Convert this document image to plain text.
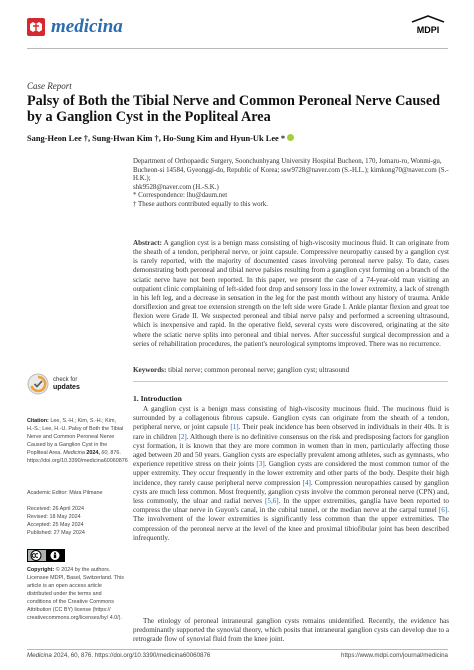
medicina	MDPI
Case Report
Palsy of Both the Tibial Nerve and Common Peroneal Nerve Caused by a Ganglion Cyst in the Popliteal Area
Sang-Heon Lee †, Sung-Hwan Kim †, Ho-Sung Kim and Hyun-Uk Lee *
Department of Orthopaedic Surgery, Soonchunhyang University Hospital Bucheon, 170, Jomaru-ro, Wonmi-gu,
Bucheon-si 14584, Gyeonggi-do, Republic of Korea; ssw9728@naver.com (S.-H.L.); kimkong70@naver.com (S.-H.K.);
shk9528@naver.com (H.-S.K.)
* Correspondence: lhu@daum.net
† These authors contributed equally to this work.
Abstract: A ganglion cyst is a benign mass consisting of high-viscosity mucinous fluid. It can originate from the sheath of a tendon, peripheral nerve, or joint capsule. Compressive neuropathy caused by a ganglion cyst is rarely reported, with the majority of documented cases involving peroneal nerve palsy. To date, cases demonstrating both peroneal and tibial nerve palsies resulting from a ganglion cyst forming on a branch of the sciatic nerve have not been reported. In this paper, we present the case of a 74-year-old man visiting an outpatient clinic complaining of left-sided foot drop and sensory loss in the lower extremity, a lack of strength in his left leg, and a decrease in sensation in the leg for the past month without any history of trauma. Ankle dorsiflexion and great toe extension strength on the left side were Grade I. Ankle plantar flexion and great toe flexion were Grade II. We suspected peroneal and tibial nerve palsy and performed a screening ultrasound, which is inexpensive and rapid. In the operative field, several cysts were discovered, originating at the site where the sciatic nerve splits into peroneal and tibial nerves. After successful surgical decompression and a series of rehabilitation procedures, the patient's neurological symptoms improved. There was no recurrence.
Keywords: tibial nerve; common peroneal nerve; ganglion cyst; ultrasound
check for
updates
Citation: Lee, S.-H.; Kim, S.-H.; Kim, H.-S.; Lee, H.-U. Palsy of Both the Tibial Nerve and Common Peroneal Nerve Caused by a Ganglion Cyst in the Popliteal Area. Medicina 2024, 60, 876. https://doi.org/10.3390/medicina60060876
Academic Editor: Mára Pilmane
Received: 26 April 2024
Revised: 18 May 2024
Accepted: 25 May 2024
Published: 27 May 2024
Copyright: © 2024 by the authors. Licensee MDPI, Basel, Switzerland. This article is an open access article distributed under the terms and conditions of the Creative Commons Attribution (CC BY) license (https:// creativecommons.org/licenses/by/ 4.0/).
1. Introduction
A ganglion cyst is a benign mass consisting of high-viscosity mucinous fluid. The mucinous fluid is surrounded by a collagenous fibrous capsule. Ganglion cysts can originate from the sheath of a tendon, peripheral nerve, or joint capsule [1]. Their peak incidence has been observed in individuals in their 40s. It is rare in children [2]. Although there is no definitive consensus on the risk and predisposing factors for ganglion cyst formation, it is known that they are more common in women than in men, particularly affecting those aged between 20 and 50 years. Ganglion cysts are especially prevalent among athletes, such as gymnasts, who experience repetitive stress on their joints [3]. Ganglion cysts are considered the most common tumor of the upper extremity. They occur frequently in the lower extremity and other parts of the body. Despite their high incidence, they rarely cause peripheral nerve compression [4]. Compression neuropathies caused by ganglion cysts are much less common. Most frequently, ganglion cysts involve the common peroneal nerve (CPN) and, less commonly, the ulnar and radial nerves [5,6]. In the upper extremities, ganglia have been reported to compress the ulnar nerve in Guyon's canal, in the cubital tunnel, or the median nerve at the carpal tunnel [6]. The involvement of the lower extremities is significantly less common than the upper extremities. The compression of the peroneal nerve at the level of the knee and proximal tibiofibular joint has been described infrequently.
The etiology of peroneal intraneural ganglion cysts remains unidentified. Recently, the evidence has predominantly supported the synovial theory, which posits that intraneural ganglion cysts can develop due to a retrograde flow of synovial fluid from the knee joint.
Medicina 2024, 60, 876. https://doi.org/10.3390/medicina60060876	https://www.mdpi.com/journal/medicina
